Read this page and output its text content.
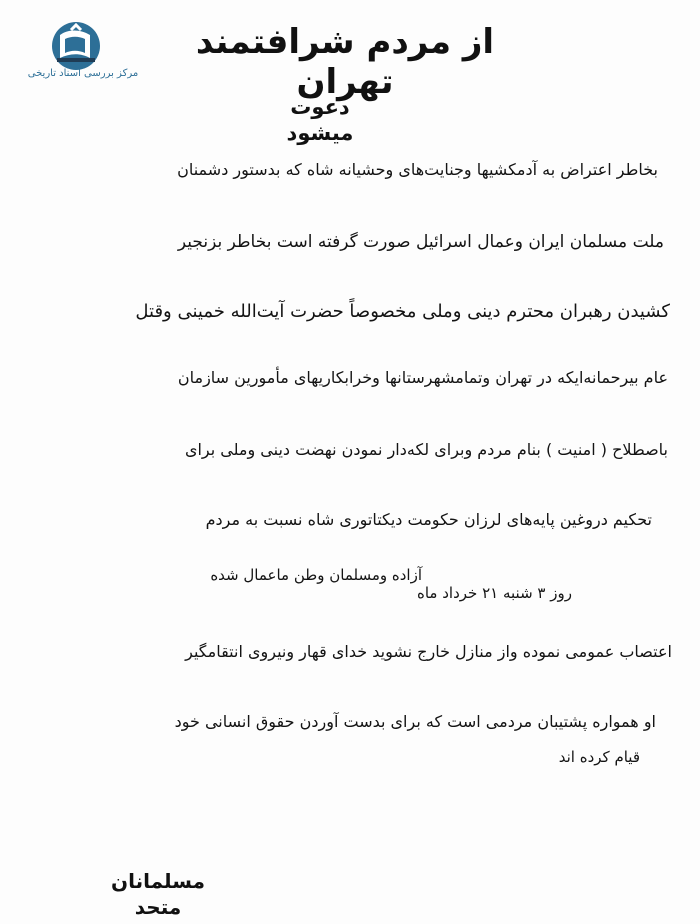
مرکز بررسی اسناد تاریخی
از مردم شرافتمند تهران
دعوت میشود
بخاطر اعتراض به آدمکشیها وجنایت‌های وحشیانه شاه که بدستور دشمنان
ملت مسلمان ایران وعمال اسرائیل صورت گرفته است بخاطر بزنجیر
کشیدن رهبران محترم دینی وملی مخصوصاً حضرت آیت‌الله خمینی وقتل
عام بیرحمانه‌ایکه در تهران وتمامشهرستانها وخرابکاریهای مأمورین سازمان
باصطلاح ( امنیت ) بنام مردم وبرای لکه‌دار نمودن نهضت دینی وملی برای
تحکیم دروغین پایه‌های لرزان حکومت دیکتاتوری شاه نسبت به مردم
آزاده ومسلمان وطن ماعمال شده
روز ۳ شنبه ۲۱ خرداد ماه
اعتصاب عمومی نموده واز منازل خارج نشوید خدای قهار ونیروی انتقامگیر
او همواره پشتیبان مردمی است که برای بدست آوردن حقوق انسانی خود
قیام کرده اند
مسلمانان متحد
